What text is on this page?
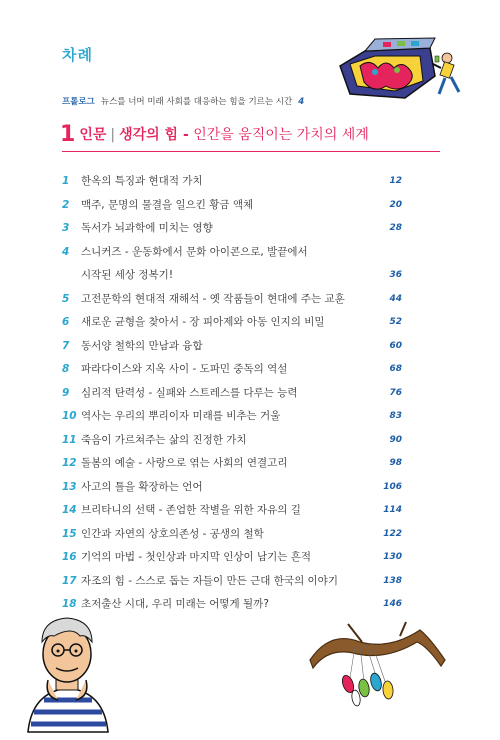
차례
프롤로그 뉴스를 너머 미래 사회를 대응하는 힘을 기르는 시간 4
1 인문 | 생각의 힘 - 인간을 움직이는 가치의 세계
1	한옥의 특징과 현대적 가치	12
2	맥주, 문명의 물결을 일으킨 황금 액체	20
3	독서가 뇌과학에 미치는 영향	28
4	스니커즈 - 운동화에서 문화 아이콘으로, 발끝에서
시작된 세상 정복기!	36
5	고전문학의 현대적 재해석 - 옛 작품들이 현대에 주는 교훈	44
6	새로운 균형을 찾아서 - 장 피아제와 아동 인지의 비밀	52
7	동서양 철학의 만남과 융합	60
8	파라다이스와 지옥 사이 - 도파민 중독의 역설	68
9	심리적 탄력성 - 실패와 스트레스를 다루는 능력	76
10 역사는 우리의 뿌리이자 미래를 비추는 거울	83
11 죽음이 가르쳐주는 삶의 진정한 가치	90
12 돌봄의 예술 - 사랑으로 엮는 사회의 연결고리	98
13 사고의 틀을 확장하는 언어	106
14 브리타니의 선택 - 존엄한 작별을 위한 자유의 길	114
15 인간과 자연의 상호의존성 - 공생의 철학	122
16 기억의 마법 - 첫인상과 마지막 인상이 남기는 흔적	130
17 자조의 힘 - 스스로 돕는 자들이 만든 근대 한국의 이야기	138
18 초저출산 시대, 우리 미래는 어떻게 될까?	146
